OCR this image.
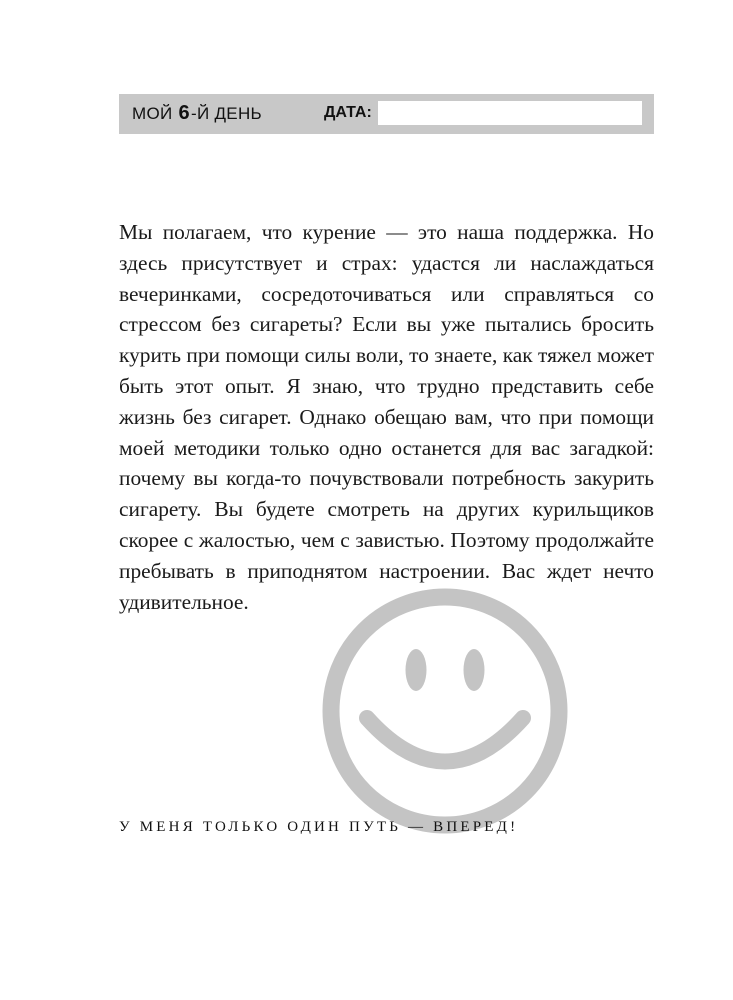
МОЙ 6-Й ДЕНЬ	ДАТА:
Мы полагаем, что курение — это наша поддержка. Но здесь присутствует и страх: удастся ли наслаждаться вечеринками, сосредоточиваться или справляться со стрессом без сигареты? Если вы уже пытались бросить курить при помощи силы воли, то знаете, как тяжел может быть этот опыт. Я знаю, что трудно представить себе жизнь без сигарет. Однако обещаю вам, что при помощи моей методики только одно останется для вас загадкой: почему вы когда-то почувствовали потребность закурить сигарету. Вы будете смотреть на других курильщиков скорее с жалостью, чем с завистью. Поэтому продолжайте пребывать в приподнятом настроении. Вас ждет нечто удивительное.
У МЕНЯ ТОЛЬКО ОДИН ПУТЬ — ВПЕРЕД!
